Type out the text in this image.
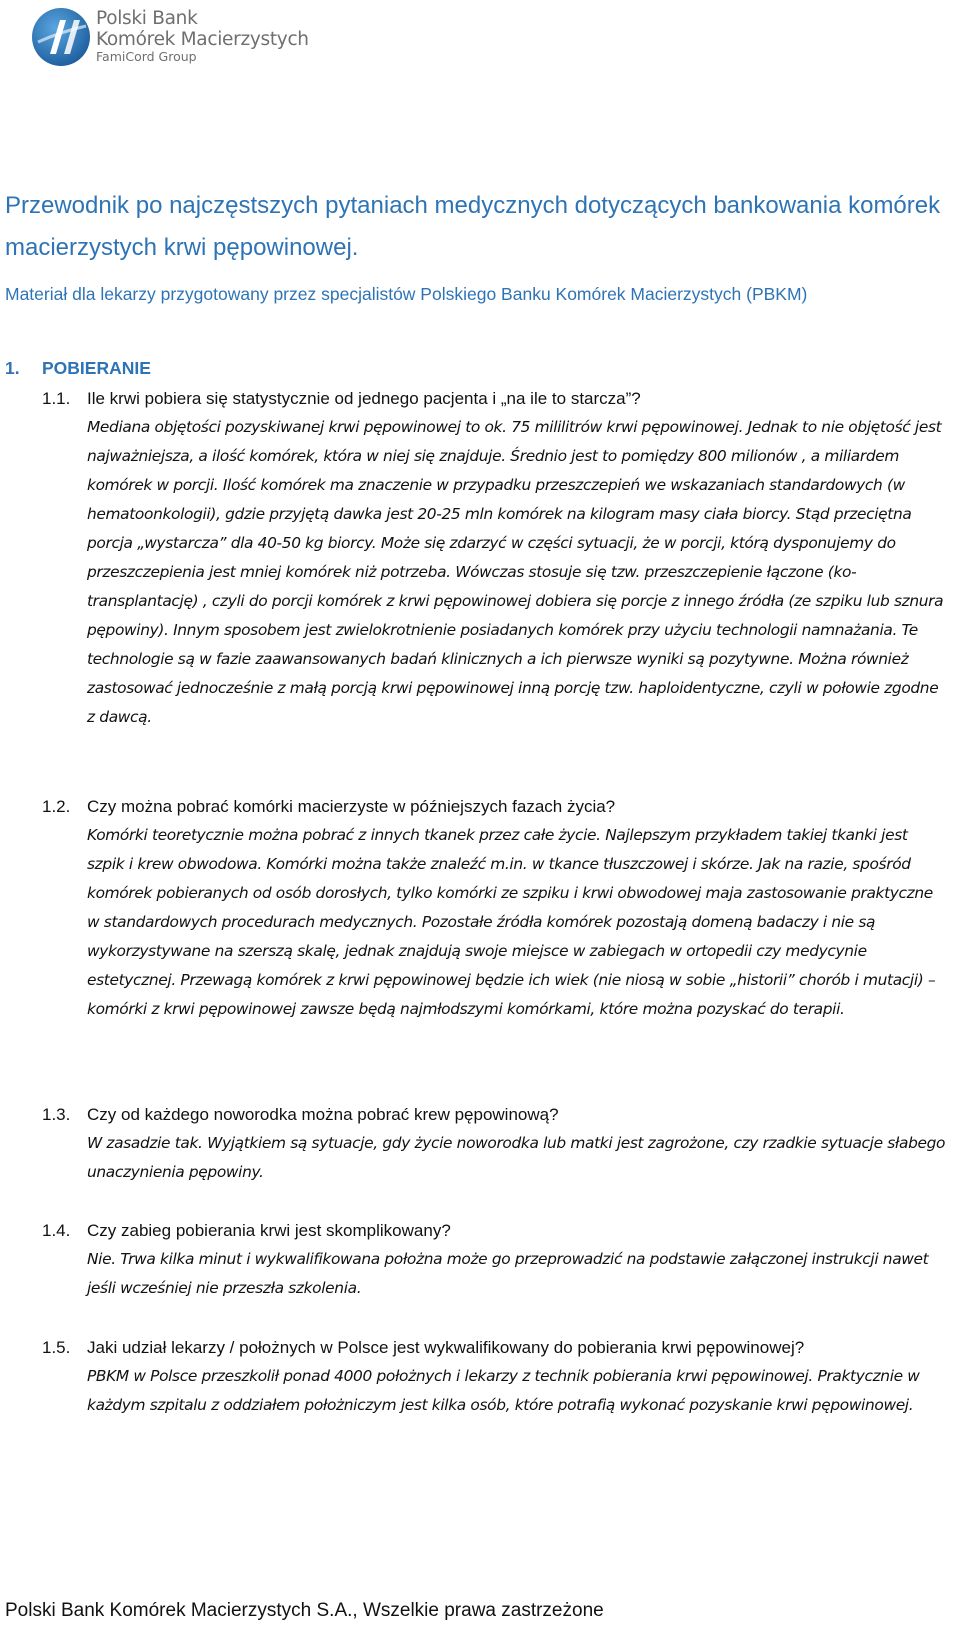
Polski Bank
Komórek Macierzystych
FamiCord Group
Przewodnik po najczęstszych pytaniach medycznych dotyczących bankowania komórek macierzystych krwi pępowinowej.
Materiał dla lekarzy przygotowany przez specjalistów Polskiego Banku Komórek Macierzystych (PBKM)
1. POBIERANIE
1.1. Ile krwi pobiera się statystycznie od jednego pacjenta i „na ile to starcza”?
Mediana objętości pozyskiwanej krwi pępowinowej to ok. 75 mililitrów krwi pępowinowej. Jednak to nie objętość jest najważniejsza, a ilość komórek, która w niej się znajduje. Średnio jest to pomiędzy 800 milionów , a miliardem komórek w porcji. Ilość komórek ma znaczenie w przypadku przeszczepień we wskazaniach standardowych (w hematoonkologii), gdzie przyjętą dawka jest 20-25 mln komórek na kilogram masy ciała biorcy. Stąd przeciętna porcja „wystarcza” dla 40-50 kg biorcy. Może się zdarzyć w części sytuacji, że w porcji, którą dysponujemy do przeszczepienia jest mniej komórek niż potrzeba. Wówczas stosuje się tzw. przeszczepienie łączone (ko-transplantację) , czyli do porcji komórek z krwi pępowinowej dobiera się porcje z innego źródła (ze szpiku lub sznura pępowiny). Innym sposobem jest zwielokrotnienie posiadanych komórek przy użyciu technologii namnażania. Te technologie są w fazie zaawansowanych badań klinicznych a ich pierwsze wyniki są pozytywne. Można również zastosować jednocześnie z małą porcją krwi pępowinowej inną porcję tzw. haploidentyczne, czyli w połowie zgodne z dawcą.
1.2. Czy można pobrać komórki macierzyste w późniejszych fazach życia?
Komórki teoretycznie można pobrać z innych tkanek przez całe życie. Najlepszym przykładem takiej tkanki jest szpik i krew obwodowa. Komórki można także znaleźć m.in. w tkance tłuszczowej i skórze. Jak na razie, spośród komórek pobieranych od osób dorosłych, tylko komórki ze szpiku i krwi obwodowej maja zastosowanie praktyczne w standardowych procedurach medycznych. Pozostałe źródła komórek pozostają domeną badaczy i nie są wykorzystywane na szerszą skalę, jednak znajdują swoje miejsce w zabiegach w ortopedii czy medycynie estetycznej. Przewagą komórek z krwi pępowinowej będzie ich wiek (nie niosą w sobie „historii” chorób i mutacji) – komórki z krwi pępowinowej zawsze będą najmłodszymi komórkami, które można pozyskać do terapii.
1.3. Czy od każdego noworodka można pobrać krew pępowinową?
W zasadzie tak. Wyjątkiem są sytuacje, gdy życie noworodka lub matki jest zagrożone, czy rzadkie sytuacje słabego unaczynienia pępowiny.
1.4. Czy zabieg pobierania krwi jest skomplikowany?
Nie. Trwa kilka minut i wykwalifikowana położna może go przeprowadzić na podstawie załączonej instrukcji nawet jeśli wcześniej nie przeszła szkolenia.
1.5. Jaki udział lekarzy / położnych w Polsce jest wykwalifikowany do pobierania krwi pępowinowej?
PBKM w Polsce przeszkolił ponad 4000 położnych i lekarzy z technik pobierania krwi pępowinowej. Praktycznie w każdym szpitalu z oddziałem położniczym jest kilka osób, które potrafią wykonać pozyskanie krwi pępowinowej.
Polski Bank Komórek Macierzystych S.A., Wszelkie prawa zastrzeżone
